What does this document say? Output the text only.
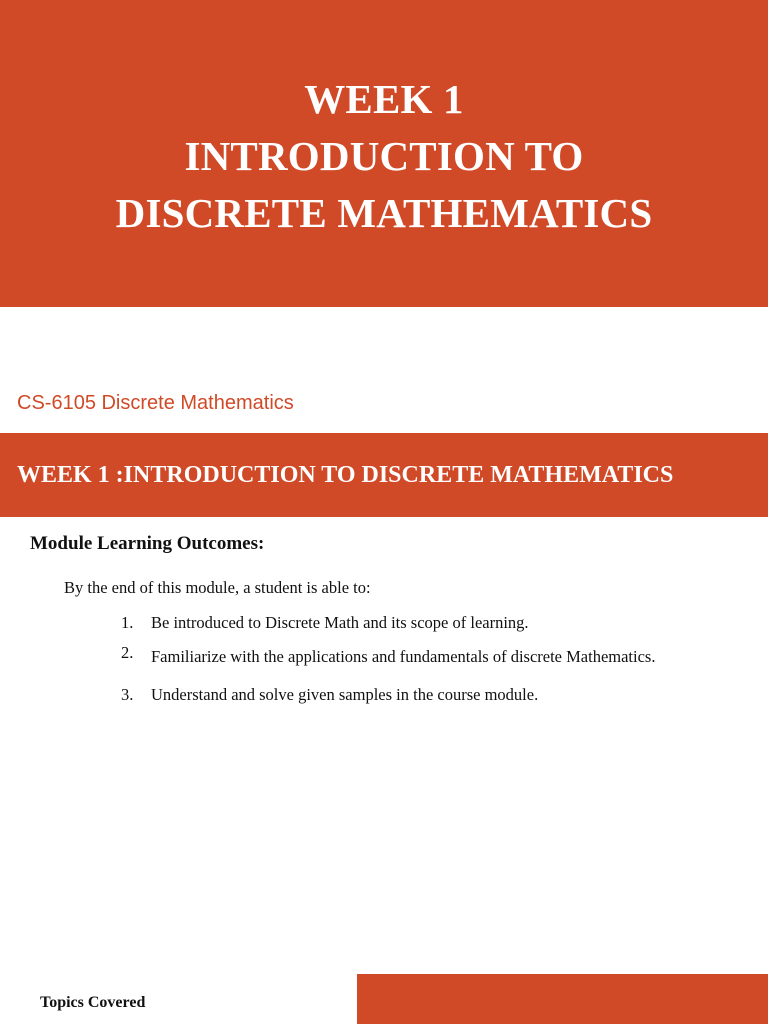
WEEK 1
INTRODUCTION TO
DISCRETE MATHEMATICS
CS-6105 Discrete Mathematics
WEEK 1 :INTRODUCTION TO DISCRETE MATHEMATICS
Module Learning Outcomes:
By the end of this module, a student is able to:
1. Be introduced to Discrete Math and its scope of learning.
2. Familiarize with the applications and fundamentals of discrete Mathematics.
3. Understand and solve given samples in the course module.
Topics Covered
